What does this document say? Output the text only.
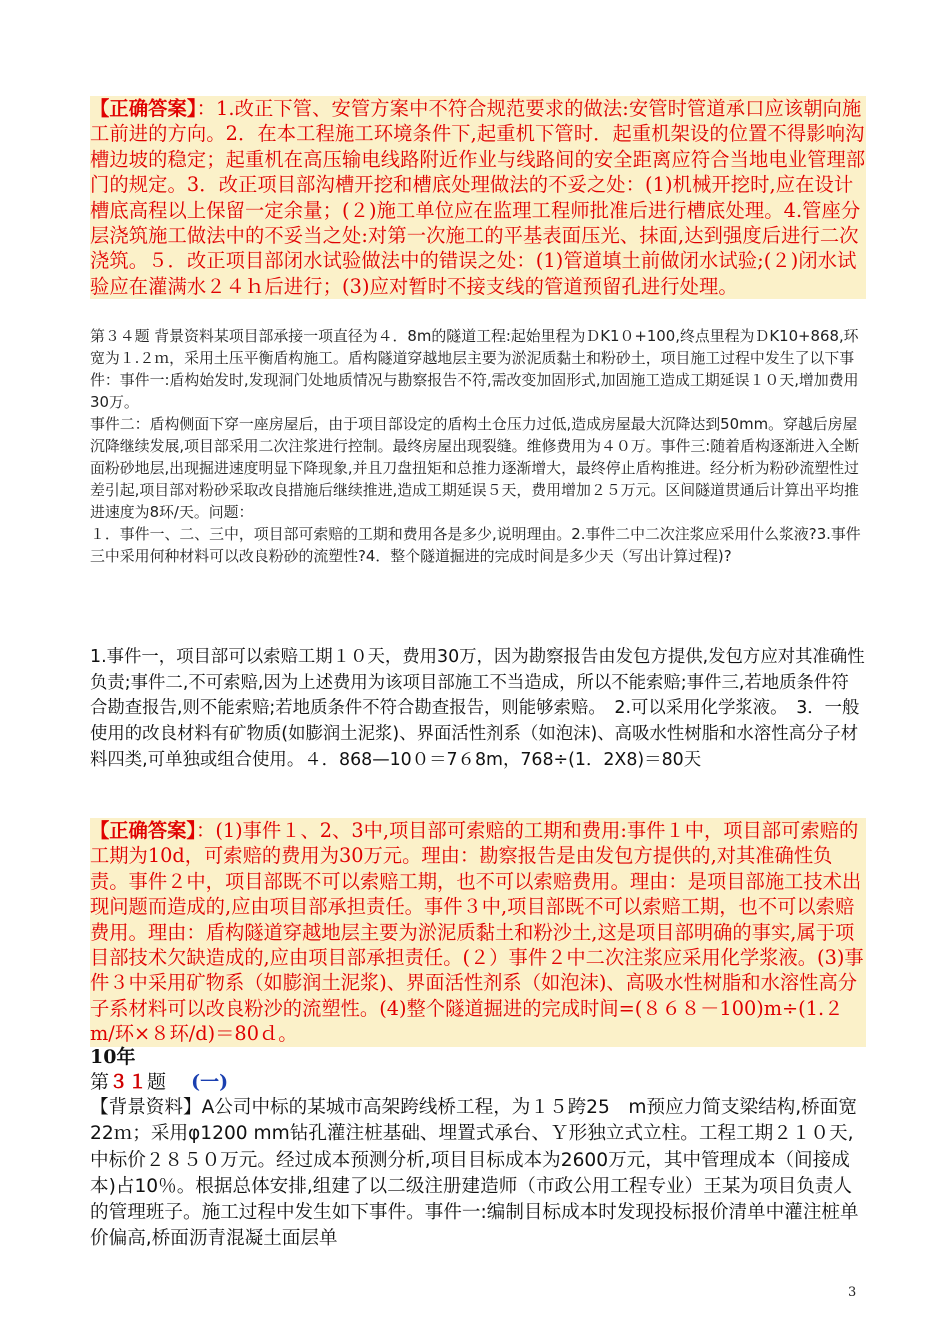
【正确答案】：1.改正下管、安管方案中不符合规范要求的做法:安管时管道承口应该朝向施工前进的方向。2．在本工程施工环境条件下,起重机下管时．起重机架设的位置不得影响沟槽边坡的稳定；起重机在高压输电线路附近作业与线路间的安全距离应符合当地电业管理部门的规定。3．改正项目部沟槽开挖和槽底处理做法的不妥之处：(1)机械开挖时,应在设计槽底高程以上保留一定余量；(２)施工单位应在监理工程师批准后进行槽底处理。4.管座分层浇筑施工做法中的不妥当之处:对第一次施工的平基表面压光、抹面,达到强度后进行二次浇筑。５．改正项目部闭水试验做法中的错误之处：(1)管道填土前做闭水试验;(２)闭水试验应在灌满水２４ｈ后进行；(3)应对暂时不接支线的管道预留孔进行处理。

第３４题 背景资料某项目部承接一项直径为４．8m的隧道工程:起始里程为ＤK1０+100,终点里程为ＤK10+868,环宽为１.２ｍ，采用土压平衡盾构施工。盾构隧道穿越地层主要为淤泥质黏土和粉砂土，项目施工过程中发生了以下事件：事件一:盾构始发时,发现洞门处地质情况与勘察报告不符,需改变加固形式,加固施工造成工期延误１０天,增加费用30万。

事件二：盾构侧面下穿一座房屋后，由于项目部设定的盾构土仓压力过低,造成房屋最大沉降达到50mm。穿越后房屋沉降继续发展,项目部采用二次注浆进行控制。最终房屋出现裂缝。维修费用为４０万。事件三:随着盾构逐渐进入全断面粉砂地层,出现掘进速度明显下降现象,并且刀盘扭矩和总推力逐渐增大，最终停止盾构推进。经分析为粉砂流塑性过差引起,项目部对粉砂采取改良措施后继续推进,造成工期延误５天，费用增加２５万元。区间隧道贯通后计算出平均推进速度为8环/天。问题：

１．事件一、二、三中，项目部可索赔的工期和费用各是多少,说明理由。2.事件二中二次注浆应采用什么浆液?3.事件三中采用何种材料可以改良粉砂的流塑性?4．整个隧道掘进的完成时间是多少天（写出计算过程)?

1.事件一，项目部可以索赔工期１０天，费用30万，因为勘察报告由发包方提供,发包方应对其准确性负责;事件二,不可索赔,因为上述费用为该项目部施工不当造成，所以不能索赔;事件三,若地质条件符合勘查报告,则不能索赔;若地质条件不符合勘查报告，则能够索赔。　2.可以采用化学浆液。　3．一般使用的改良材料有矿物质(如膨润土泥浆)、界面活性剂系（如泡沫)、高吸水性树脂和水溶性高分子材料四类,可单独或组合使用。４．868—10０＝7６8m，768÷(1．2X8)＝80天

【正确答案】：(1)事件１、2、3中,项目部可索赔的工期和费用:事件１中，项目部可索赔的工期为10d，可索赔的费用为30万元。理由：勘察报告是由发包方提供的,对其准确性负责。事件２中，项目部既不可以索赔工期，也不可以索赔费用。理由：是项目部施工技术出现问题而造成的,应由项目部承担责任。事件３中,项目部既不可以索赔工期，也不可以索赔费用。理由：盾构隧道穿越地层主要为淤泥质黏土和粉沙土,这是项目部明确的事实,属于项目部技术欠缺造成的,应由项目部承担责任。(２）事件２中二次注浆应采用化学浆液。(3)事件３中采用矿物系（如膨润土泥浆)、界面活性剂系（如泡沫)、高吸水性树脂和水溶性高分子系材料可以改良粉沙的流塑性。(4)整个隧道掘进的完成时间=(８６８－100)m÷(1.２m/环×８环/d)＝80ｄ。
10年
第３１题　 (一)

【背景资料】A公司中标的某城市高架跨线桥工程，为１５跨25　m预应力简支梁结构,桥面宽22ｍ；采用φ1200 mm钻孔灌注桩基础、埋置式承台、Ｙ形独立式立柱。工程工期２１０天,中标价２８５０万元。经过成本预测分析,项目目标成本为2600万元，其中管理成本（间接成本)占10％。根据总体安排,组建了以二级注册建造师（市政公用工程专业）王某为项目负责人的管理班子。施工过程中发生如下事件。事件一:编制目标成本时发现投标报价清单中灌注桩单价偏高,桥面沥青混凝土面层单

3
